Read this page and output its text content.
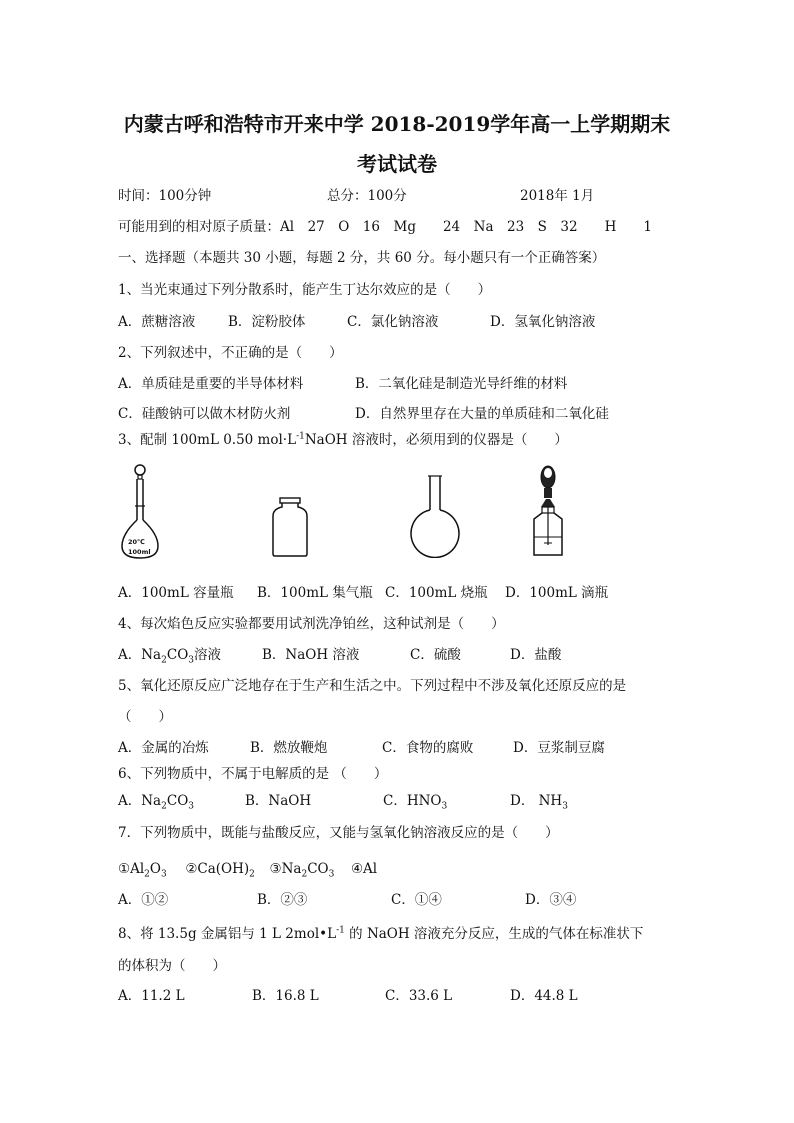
内蒙古呼和浩特市开来中学 2018-2019学年高一上学期期末
考试试卷
时间：100分钟	总分：100分	2018年 1月
可能用到的相对原子质量：Al　27　O　16　Mg　　24　Na　23　S　32　　H　　1
一、选择题（本题共 30 小题，每题 2 分，共 60 分。每小题只有一个正确答案）
1、当光束通过下列分散系时，能产生丁达尔效应的是（　　）
A．蔗糖溶液 B．淀粉胶体	C．氯化钠溶液	D．氢氧化钠溶液
2、下列叙述中，不正确的是（　　）
A．单质硅是重要的半导体材料	B．二氧化硅是制造光导纤维的材料
C．硅酸钠可以做木材防火剂	D．自然界里存在大量的单质硅和二氧化硅
3、配制 100mL 0.50 $mol\cdot L^{-1}NaOH$ 溶液时，必须用到的仪器是（　　）
20℃
100ml
A．100mL 容量瓶 B．100mL 集气瓶 C．100mL 烧瓶 D．100mL 滴瓶
4、每次焰色反应实验都要用试剂洗净铂丝，这种试剂是（　　）
A．$Na_2CO_3$溶液	B．NaOH 溶液	C．硫酸	D．盐酸
5、氧化还原反应广泛地存在于生产和生活之中。下列过程中不涉及氧化还原反应的是
（　　）
A．金属的冶炼	B．燃放鞭炮	C．食物的腐败	D．豆浆制豆腐
6、下列物质中，不属于电解质的是 （　　）
A．$Na_2CO_3$	B．NaOH	C．$HNO_3$	D． $NH_3$
7．下列物质中，既能与盐酸反应，又能与氢氧化钠溶液反应的是（　　）
$①Al_2O_3$ $②Ca(OH)_2$ $③Na_2CO_3$ ④Al
A．①②	B．②③	C．①④	D．③④
8、将 13.5g 金属铝与 1 L $2mol•L^{-1}$ 的 NaOH 溶液充分反应，生成的气体在标准状下
的体积为（　　）
A．11.2 L	B．16.8 L	C．33.6 L	D．44.8 L
